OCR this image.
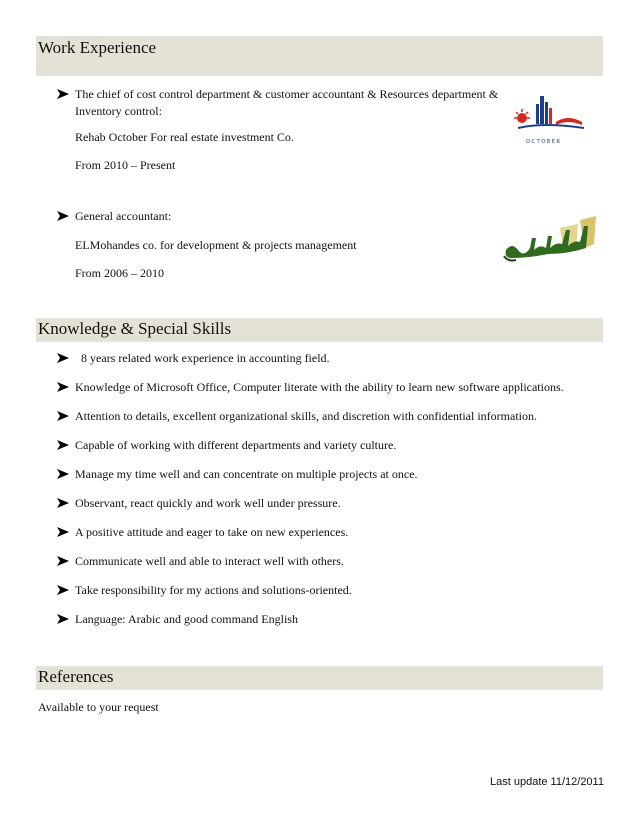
Work Experience
The chief of cost control department & customer accountant & Resources department &
Inventory control:
Rehab October For real estate investment Co.
From 2010 – Present
O C T O B E R
General accountant:
ELMohandes co. for development & projects management
From 2006 – 2010
Knowledge & Special Skills
8 years related work experience in accounting field.
Knowledge of Microsoft Office, Computer literate with the ability to learn new software applications.
Attention to details, excellent organizational skills, and discretion with confidential information.
Capable of working with different departments and variety culture.
Manage my time well and can concentrate on multiple projects at once.
Observant, react quickly and work well under pressure.
A positive attitude and eager to take on new experiences.
Communicate well and able to interact well with others.
Take responsibility for my actions and solutions-oriented.
Language: Arabic and good command English
References
Available to your request
Last update 11/12/2011
